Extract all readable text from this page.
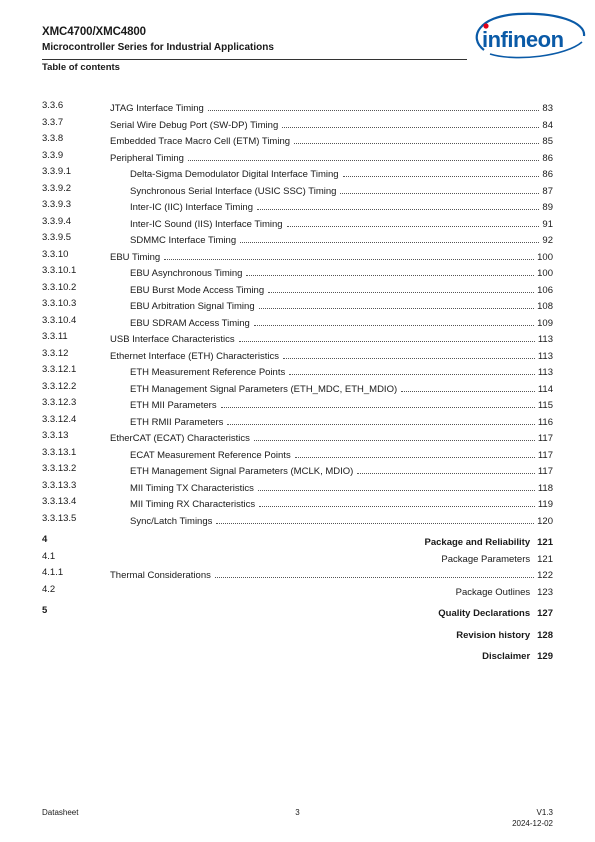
XMC4700/XMC4800
Microcontroller Series for Industrial Applications
Table of contents
infineon
3.3.6	JTAG Interface Timing	83
3.3.7	Serial Wire Debug Port (SW-DP) Timing	84
3.3.8	Embedded Trace Macro Cell (ETM) Timing	85
3.3.9	Peripheral Timing	86
3.3.9.1	Delta-Sigma Demodulator Digital Interface Timing	86
3.3.9.2	Synchronous Serial Interface (USIC SSC) Timing	87
3.3.9.3	Inter-IC (IIC) Interface Timing	89
3.3.9.4	Inter-IC Sound (IIS) Interface Timing	91
3.3.9.5	SDMMC Interface Timing	92
3.3.10	EBU Timing	100
3.3.10.1	EBU Asynchronous Timing	100
3.3.10.2	EBU Burst Mode Access Timing	106
3.3.10.3	EBU Arbitration Signal Timing	108
3.3.10.4	EBU SDRAM Access Timing	109
3.3.11	USB Interface Characteristics	113
3.3.12	Ethernet Interface (ETH) Characteristics	113
3.3.12.1	ETH Measurement Reference Points	113
3.3.12.2	ETH Management Signal Parameters (ETH_MDC, ETH_MDIO)	114
3.3.12.3	ETH MII Parameters	115
3.3.12.4	ETH RMII Parameters	116
3.3.13	EtherCAT (ECAT) Characteristics	117
3.3.13.1	ECAT Measurement Reference Points	117
3.3.13.2	ETH Management Signal Parameters (MCLK, MDIO)	117
3.3.13.3	MII Timing TX Characteristics	118
3.3.13.4	MII Timing RX Characteristics	119
3.3.13.5	Sync/Latch Timings	120
4	Package and Reliability 121
4.1	Package Parameters 121
4.1.1	Thermal Considerations	122
4.2	Package Outlines 123
5	Quality Declarations 127
Revision history 128
Disclaimer 129
Datasheet	3	V1.3
2024-12-02
